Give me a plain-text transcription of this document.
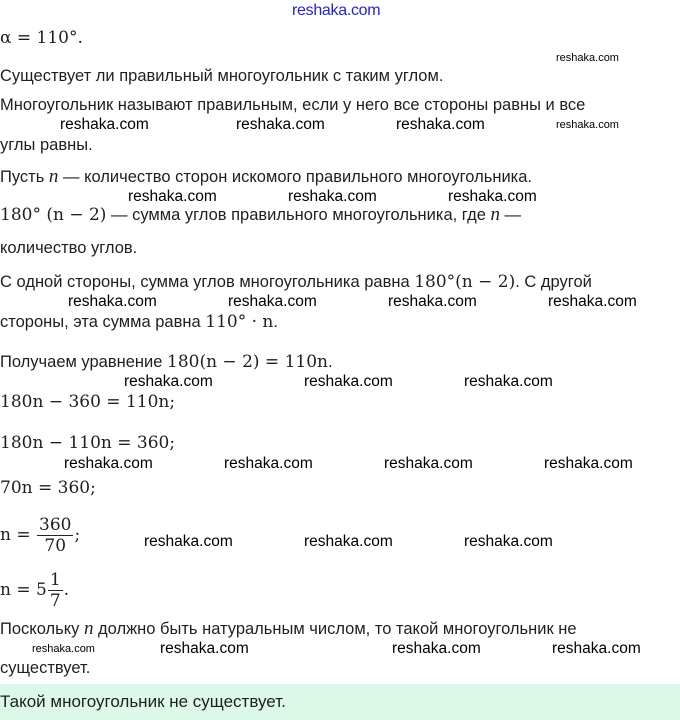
reshaka.com
α = 110°.
Существует ли правильный многоугольник с таким углом.
Многоугольник называют правильным, если у него все стороны равны и все
углы равны.
Пусть n — количество сторон искомого правильного многоугольника.
180° (n − 2) — сумма углов правильного многоугольника, где n —
количество углов.
С одной стороны, сумма углов многоугольника равна 180°(n − 2). С другой
стороны, эта сумма равна 110° · n.
Получаем уравнение 180(n − 2) = 110n.
180n − 360 = 110n;
180n − 110n = 360;
70n = 360;
$n = \frac{360}{70}$ ;
$n = 5 \frac{1}{7}$ .
Поскольку n должно быть натуральным числом, то такой многоугольник не
существует.
reshaka.com
reshaka.com	reshaka.com	reshaka.com	reshaka.com
reshaka.com	reshaka.com	reshaka.com
reshaka.com	reshaka.com	reshaka.com	reshaka.com
reshaka.com	reshaka.com	reshaka.com
reshaka.com	reshaka.com	reshaka.com	reshaka.com
reshaka.com	reshaka.com	reshaka.com
reshaka.com	reshaka.com	reshaka.com	reshaka.com
Такой многоугольник не существует.
